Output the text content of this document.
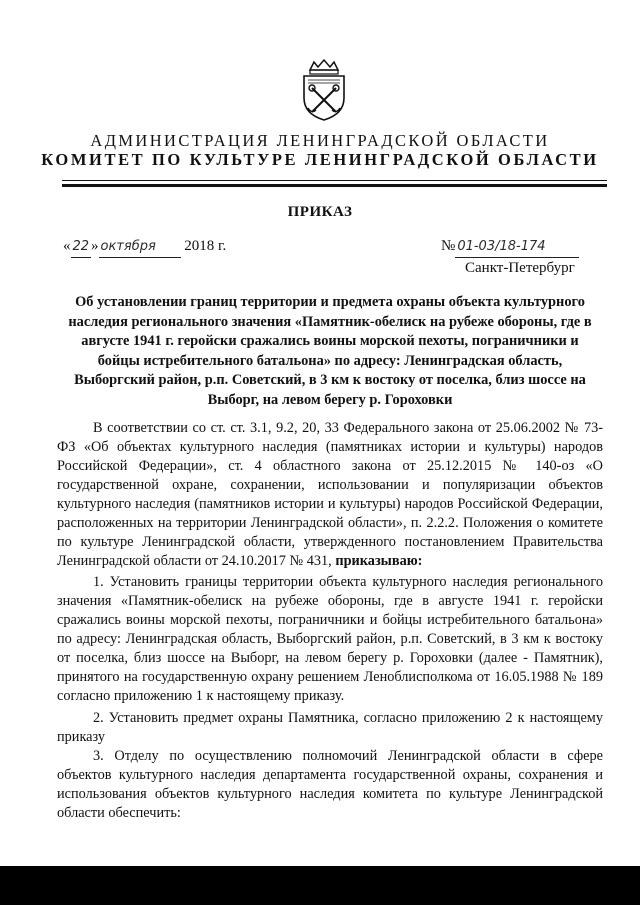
АДМИНИСТРАЦИЯ ЛЕНИНГРАДСКОЙ ОБЛАСТИ
КОМИТЕТ ПО КУЛЬТУРЕ ЛЕНИНГРАДСКОЙ ОБЛАСТИ
ПРИКАЗ
« 22 » октября 2018 г.	№ 01-03/18-174
Санкт-Петербург
Об установлении границ территории и предмета охраны объекта культурного наследия регионального значения «Памятник-обелиск на рубеже обороны, где в августе 1941 г. геройски сражались воины морской пехоты, пограничники и бойцы истребительного батальона» по адресу: Ленинградская область, Выборгский район, р.п. Советский, в 3 км к востоку от поселка, близ шоссе на Выборг, на левом берегу р. Гороховки
В соответствии со ст. ст. 3.1, 9.2, 20, 33 Федерального закона от 25.06.2002 № 73-ФЗ «Об объектах культурного наследия (памятниках истории и культуры) народов Российской Федерации», ст. 4 областного закона от 25.12.2015 № 140-оз «О государственной охране, сохранении, использовании и популяризации объектов культурного наследия (памятников истории и культуры) народов Российской Федерации, расположенных на территории Ленинградской области», п. 2.2.2. Положения о комитете по культуре Ленинградской области, утвержденного постановлением Правительства Ленинградской области от 24.10.2017 № 431, приказываю:
1. Установить границы территории объекта культурного наследия регионального значения «Памятник-обелиск на рубеже обороны, где в августе 1941 г. геройски сражались воины морской пехоты, пограничники и бойцы истребительного батальона» по адресу: Ленинградская область, Выборгский район, р.п. Советский, в 3 км к востоку от поселка, близ шоссе на Выборг, на левом берегу р. Гороховки (далее - Памятник), принятого на государственную охрану решением Леноблисполкома от 16.05.1988 № 189 согласно приложению 1 к настоящему приказу.
2. Установить предмет охраны Памятника, согласно приложению 2 к настоящему приказу
3. Отделу по осуществлению полномочий Ленинградской области в сфере объектов культурного наследия департамента государственной охраны, сохранения и использования объектов культурного наследия комитета по культуре Ленинградской области обеспечить:
